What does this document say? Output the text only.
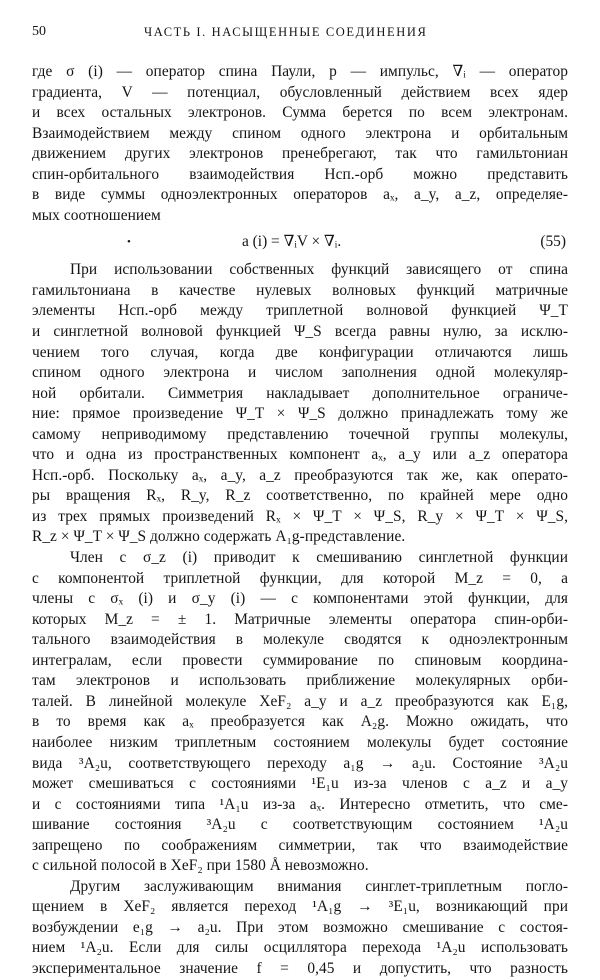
50	ЧАСТЬ I. НАСЫЩЕННЫЕ СОЕДИНЕНИЯ
где σ (i) — оператор спина Паули, p — импульс, ∇ᵢ — оператор
градиента, V — потенциал, обусловленный действием всех ядер
и всех остальных электронов. Сумма берется по всем электронам.
Взаимодействием между спином одного электрона и орбитальным
движением других электронов пренебрегают, так что гамильтониан
спин-орбитального взаимодействия Hсп.-орб можно представить
в виде суммы одноэлектронных операторов aₓ, a_y, a_z, определяе-
мых соотношением
•	a (i) = ∇ᵢV × ∇ᵢ.	(55)
При использовании собственных функций зависящего от спина
гамильтониана в качестве нулевых волновых функций матричные
элементы Hсп.-орб между триплетной волновой функцией Ψ_T
и синглетной волновой функцией Ψ_S всегда равны нулю, за исклю-
чением того случая, когда две конфигурации отличаются лишь
спином одного электрона и числом заполнения одной молекуляр-
ной орбитали. Симметрия накладывает дополнительное ограниче-
ние: прямое произведение Ψ_T × Ψ_S должно принадлежать тому же
самому неприводимому представлению точечной группы молекулы,
что и одна из пространственных компонент aₓ, a_y или a_z оператора
Hсп.-орб. Поскольку aₓ, a_y, a_z преобразуются так же, как операто-
ры вращения Rₓ, R_y, R_z соответственно, по крайней мере одно
из трех прямых произведений Rₓ × Ψ_T × Ψ_S, R_y × Ψ_T × Ψ_S,
R_z × Ψ_T × Ψ_S должно содержать A₁g-представление.
Член с σ_z (i) приводит к смешиванию синглетной функции
с компонентой триплетной функции, для которой M_z = 0, а
члены с σₓ (i) и σ_y (i) — с компонентами этой функции, для
которых M_z = ± 1. Матричные элементы оператора спин-орби-
тального взаимодействия в молекуле сводятся к одноэлектронным
интегралам, если провести суммирование по спиновым координа-
там электронов и использовать приближение молекулярных орби-
талей. В линейной молекуле XeF₂ a_y и a_z преобразуются как E₁g,
в то время как aₓ преобразуется как A₂g. Можно ожидать, что
наиболее низким триплетным состоянием молекулы будет состояние
вида ³A₂u, соответствующего переходу a₁g → a₂u. Состояние ³A₂u
может смешиваться с состояниями ¹E₁u из-за членов с a_z и a_y
и с состояниями типа ¹A₁u из-за aₓ. Интересно отметить, что сме-
шивание состояния ³A₂u с соответствующим состоянием ¹A₂u
запрещено по соображениям симметрии, так что взаимодействие
с сильной полосой в XeF₂ при 1580 Å невозможно.
Другим заслуживающим внимания синглет-триплетным погло-
щением в XeF₂ является переход ¹A₁g → ³E₁u, возникающий при
возбуждении e₁g → a₂u. При этом возможно смешивание с состоя-
нием ¹A₂u. Если для силы осциллятора перехода ¹A₂u использовать
экспериментальное значение f = 0,45 и допустить, что разность
